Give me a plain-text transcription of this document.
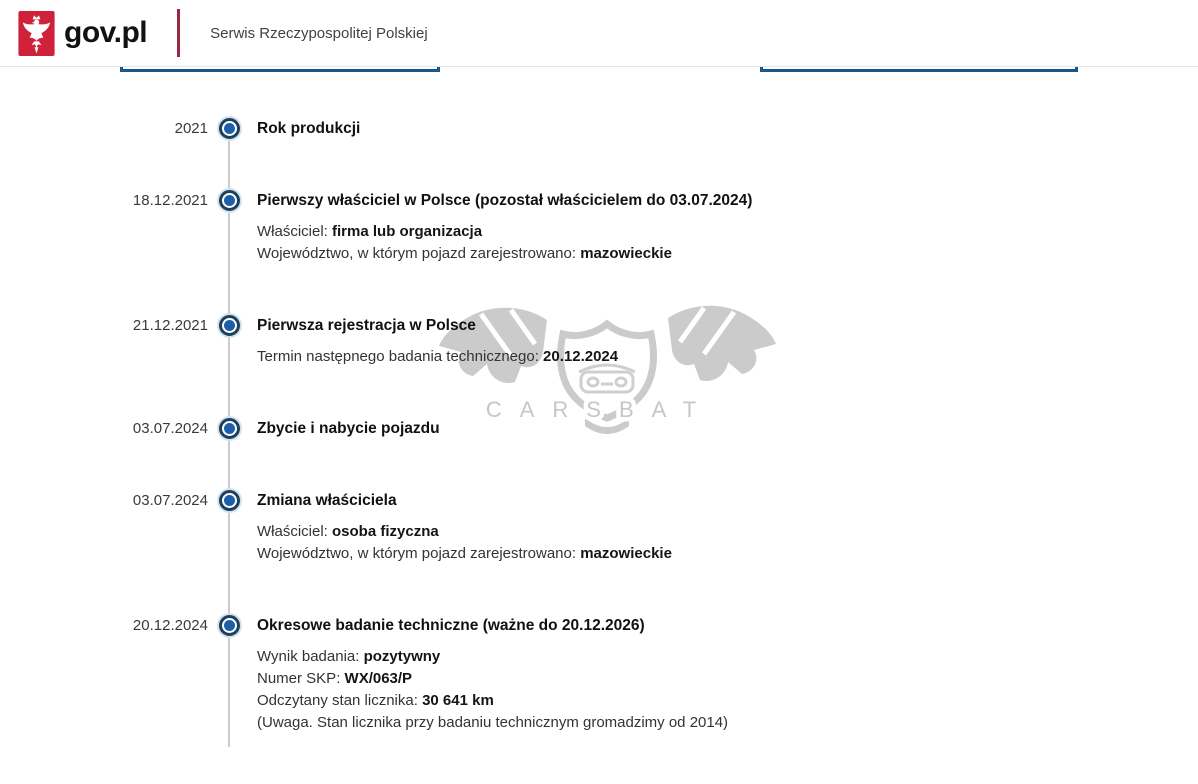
CARSBAT
gov.pl	Serwis Rzeczypospolitej Polskiej
2021	Rok produkcji
18.12.2021	Pierwszy właściciel w Polsce (pozostał właścicielem do 03.07.2024)
Właściciel: firma lub organizacja
Województwo, w którym pojazd zarejestrowano: mazowieckie
21.12.2021	Pierwsza rejestracja w Polsce
Termin następnego badania technicznego: 20.12.2024
03.07.2024	Zbycie i nabycie pojazdu
03.07.2024	Zmiana właściciela
Właściciel: osoba fizyczna
Województwo, w którym pojazd zarejestrowano: mazowieckie
20.12.2024	Okresowe badanie techniczne (ważne do 20.12.2026)
Wynik badania: pozytywny
Numer SKP: WX/063/P
Odczytany stan licznika: 30 641 km
(Uwaga. Stan licznika przy badaniu technicznym gromadzimy od 2014)
